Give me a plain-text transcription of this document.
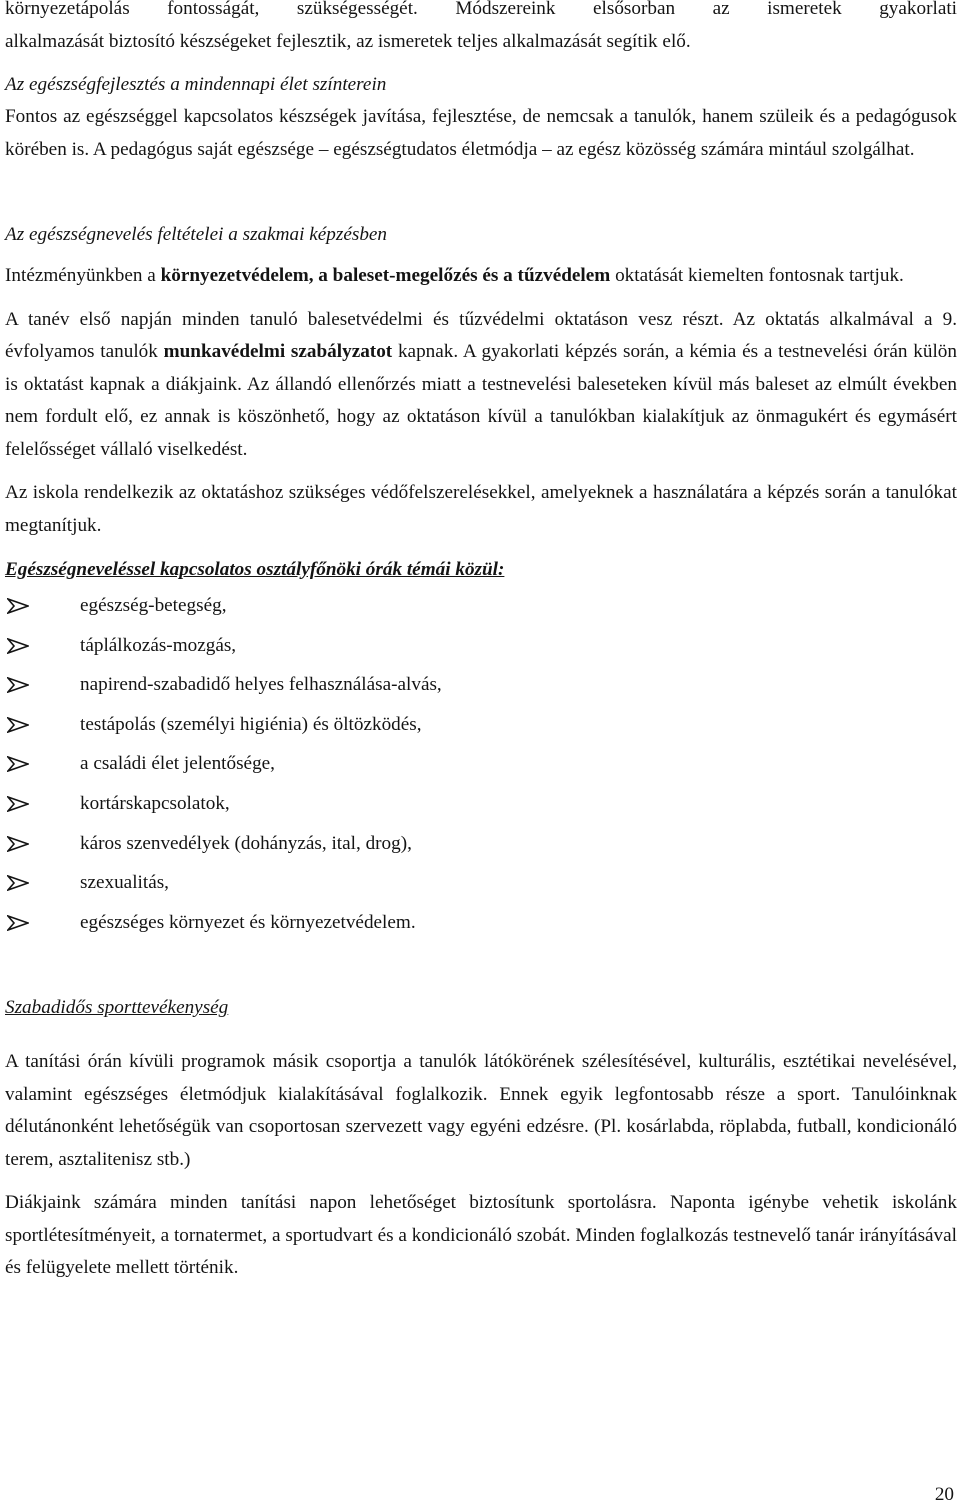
környezetápolás fontosságát, szükségességét. Módszereink elsősorban az ismeretek gyakorlati

alkalmazását biztosító készségeket fejlesztik, az ismeretek teljes alkalmazását segítik elő.

Az egészségfejlesztés a mindennapi élet színterein

Fontos az egészséggel kapcsolatos készségek javítása, fejlesztése, de nemcsak a tanulók, hanem szüleik és a pedagógusok körében is. A pedagógus saját egészsége – egészségtudatos életmódja – az egész közösség számára mintául szolgálhat.

Az egészségnevelés feltételei a szakmai képzésben

Intézményünkben a környezetvédelem, a baleset-megelőzés és a tűzvédelem oktatását kiemelten fontosnak tartjuk.

A tanév első napján minden tanuló balesetvédelmi és tűzvédelmi oktatáson vesz részt. Az oktatás alkalmával a 9. évfolyamos tanulók munkavédelmi szabályzatot kapnak. A gyakorlati képzés során, a kémia és a testnevelési órán külön is oktatást kapnak a diákjaink. Az állandó ellenőrzés miatt a testnevelési baleseteken kívül más baleset az elmúlt években nem fordult elő, ez annak is köszönhető, hogy az oktatáson kívül a tanulókban kialakítjuk az önmagukért és egymásért felelősséget vállaló viselkedést.

Az iskola rendelkezik az oktatáshoz szükséges védőfelszerelésekkel, amelyeknek a használatára a képzés során a tanulókat megtanítjuk.

Egészségneveléssel kapcsolatos osztályfőnöki órák témái közül:

egészség-betegség,
táplálkozás-mozgás,
napirend-szabadidő helyes felhasználása-alvás,
testápolás (személyi higiénia) és öltözködés,
a családi élet jelentősége,
kortárskapcsolatok,
káros szenvedélyek (dohányzás, ital, drog),
szexualitás,
egészséges környezet és környezetvédelem.

Szabadidős sporttevékenység

A tanítási órán kívüli programok másik csoportja a tanulók látókörének szélesítésével, kulturális, esztétikai nevelésével, valamint egészséges életmódjuk kialakításával foglalkozik. Ennek egyik legfontosabb része a sport. Tanulóinknak délutánonként lehetőségük van csoportosan szervezett vagy egyéni edzésre. (Pl. kosárlabda, röplabda, futball, kondicionáló terem, asztalitenisz stb.)

Diákjaink számára minden tanítási napon lehetőséget biztosítunk sportolásra. Naponta igénybe vehetik iskolánk sportlétesítményeit, a tornatermet, a sportudvart és a kondicionáló szobát. Minden foglalkozás testnevelő tanár irányításával és felügyelete mellett történik.

20
